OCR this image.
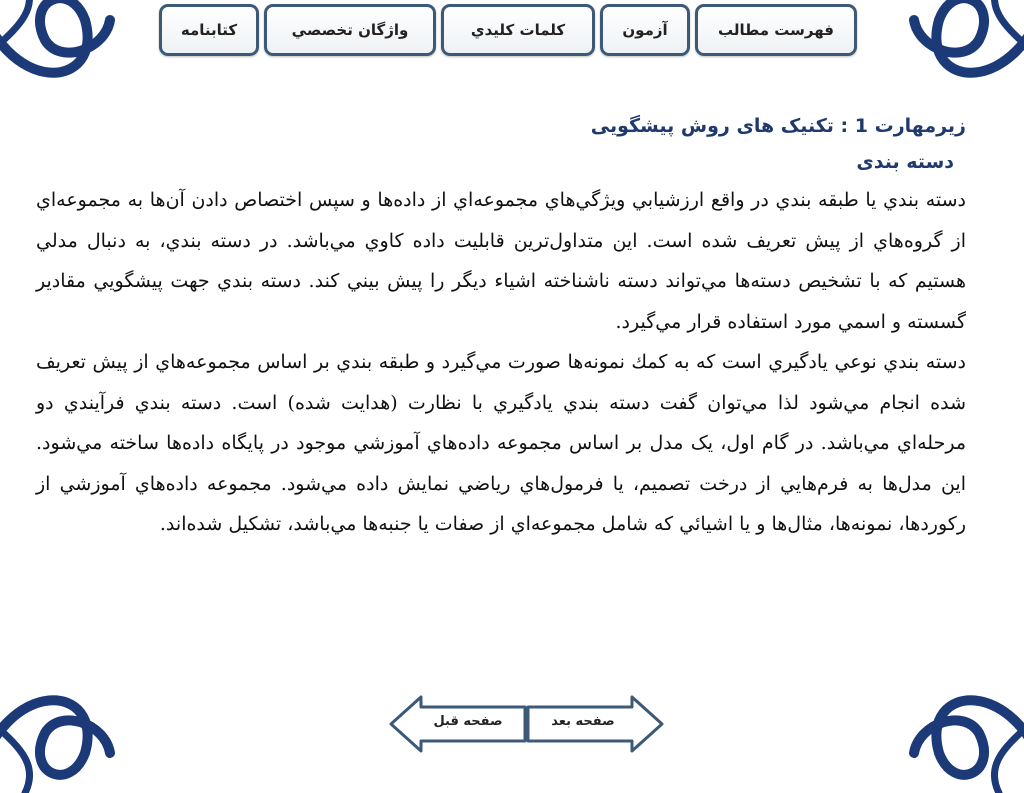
فهرست مطالب
آزمون
كلمات كليدي
واژگان تخصصي
كتابنامه
زيرمهارت 1 : تکنيک های روش پيشگويی
دسته بندی

دسته بندي يا طبقه بندي در واقع ارزشيابي ويژگي‌هاي مجموعه‌اي از داده‌ها و سپس اختصاص دادن آن‌ها به مجموعه‌اي از گروه‌هاي از پيش تعريف شده است. اين متداول‌ترين قابليت داده كاوي مي‌باشد. در دسته بندي، به دنبال مدلي هستيم كه با تشخيص دسته‌ها مي‌تواند دسته ناشناخته اشياء ديگر را پيش بيني كند. دسته بندي جهت پيشگويي مقادير گسسته و اسمي مورد استفاده قرار مي‌گيرد.

دسته بندي نوعي يادگيري است كه به كمك نمونه‌ها صورت مي‌گيرد و طبقه بندي بر اساس مجموعه‌هاي از پيش تعريف شده انجام مي‌شود لذا مي‌توان گفت دسته بندي يادگيري با نظارت (هدايت شده) است. دسته بندي فرآيندي دو مرحله‌اي مي‌باشد. در گام اول، يک مدل بر اساس مجموعه داده‌هاي آموزشي موجود در پايگاه داده‌ها ساخته مي‌شود. اين مدل‌ها به فرم‌هايي از درخت تصميم، يا فرمول‌هاي رياضي نمايش داده مي‌شود. مجموعه داده‌هاي آموزشي از ركوردها، نمونه‌ها، مثال‌ها و يا اشيائي كه شامل مجموعه‌اي از صفات يا جنبه‌ها مي‌باشد، تشكيل شده‌اند.

صفحه قبل	صفحه بعد
